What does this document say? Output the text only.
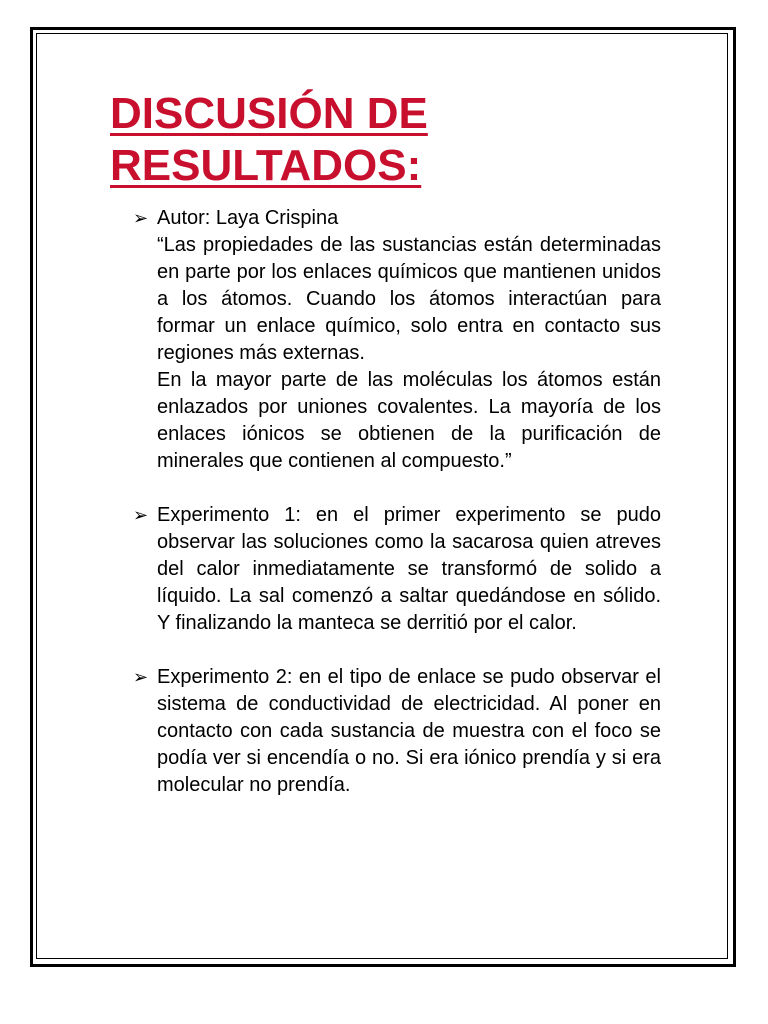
DISCUSIÓN DE
RESULTADOS:
➢ Autor: Laya Crispina

“Las propiedades de las sustancias están determinadas en parte por los enlaces químicos que mantienen unidos a los átomos. Cuando los átomos interactúan para formar un enlace químico, solo entra en contacto sus regiones más externas.

En la mayor parte de las moléculas los átomos están enlazados por uniones covalentes. La mayoría de los enlaces iónicos se obtienen de la purificación de minerales que contienen al compuesto.”

➢ Experimento 1: en el primer experimento se pudo observar las soluciones como la sacarosa quien atreves del calor inmediatamente se transformó de solido a líquido. La sal comenzó a saltar quedándose en sólido. Y finalizando la manteca se derritió por el calor.

➢ Experimento 2: en el tipo de enlace se pudo observar el sistema de conductividad de electricidad. Al poner en contacto con cada sustancia de muestra con el foco se podía ver si encendía o no. Si era iónico prendía y si era molecular no prendía.
